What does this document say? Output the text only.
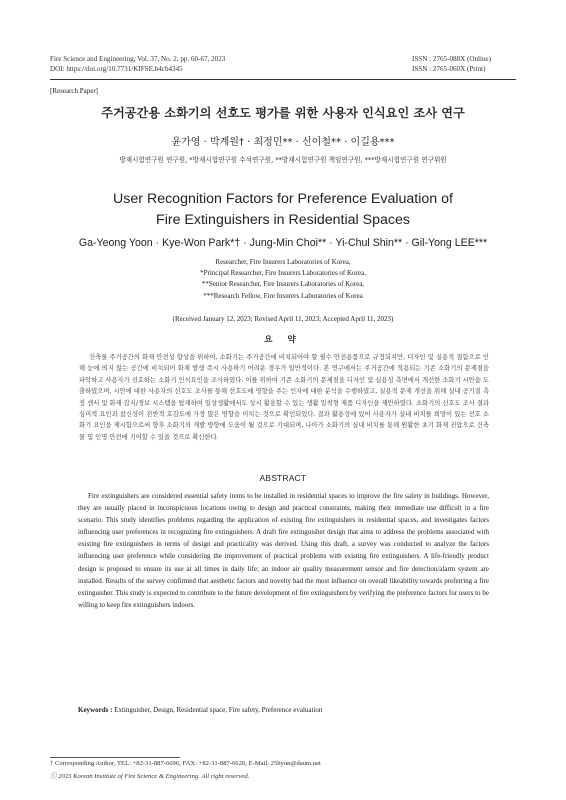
Fire Science and Engineering, Vol. 37, No. 2, pp. 60-67, 2023
DOI: https://doi.org/10.7731/KIFSE.b4cb4345
ISSN : 2765-088X (Online)
ISSN : 2765-060X (Print)
[Research Paper]
주거공간용 소화기의 선호도 평가를 위한 사용자 인식요인 조사 연구
윤가영 · 박계원† · 최정민** · 신이철** · 이길용***
방재시험연구원 연구원, *방재시험연구원 수석연구원, **방재시험연구원 책임연구원, ***방재시험연구원 연구위원
User Recognition Factors for Preference Evaluation of
Fire Extinguishers in Residential Spaces
Ga-Yeong Yoon · Kye-Won Park*† · Jung-Min Choi** · Yi-Chul Shin** · Gil-Yong LEE***
Researcher, Fire Insurers Laboratories of Korea,
*Principal Researcher, Fire Insurers Laboratories of Korea,
**Senior Researcher, Fire Insurers Laboratories of Korea,
***Research Fellow, Fire Insurers Laboratories of Korea
(Received January 12, 2023; Revised April 11, 2023; Accepted April 11, 2023)
요 약
건축물 주거공간의 화재 안전성 향상을 위하여, 소화기는 주거공간에 비치되어야 할 필수 안전용품으로 규정되지만, 디자인 및 실용적 결함으로 인해 눈에 띄지 않는 공간에 비치되어 화재 발생 즉시 사용하기 어려운 경우가 일반적이다. 본 연구에서는 주거공간에 적용되는 기존 소화기의 문제점을 파악하고 사용자가 선호하는 소화기 인식요인을 조사하였다. 이를 위하여 기존 소화기의 문제점을 디자인 및 실용성 측면에서 개선한 소화기 시안을 도출하였으며, 시안에 대한 사용자의 선호도 조사를 통해 선호도에 영향을 주는 인자에 대한 분석을 수행하였고, 실용적 문제 개선을 위해 실내 공기질 측정 센서 및 화재 감지/경보 시스템을 탑재하여 일상생활에서도 상시 활용할 수 있는 생활 밀착형 제품 디자인을 제안하였다. 소화기의 선호도 조사 결과 심미적 요인과 참신성이 전반적 호감도에 가장 많은 영향을 미치는 것으로 확인되었다. 결과 활용성에 있어 사용자가 실내 비치를 희망이 있는 선호 소화기 요인을 제시함으로써 향후 소화기의 개발 방향에 도움이 될 것으로 기대되며, 나아가 소화기의 실내 비치를 통해 원활한 초기 화재 진압으로 건축물 및 인명 안전에 기여할 수 있을 것으로 확신한다.
ABSTRACT
Fire extinguishers are considered essential safety items to be installed in residential spaces to improve the fire safety in buildings. However, they are usually placed in inconspicuous locations owing to design and practical constraints, making their immediate use difficult in a fire scenario. This study identifies problems regarding the application of existing fire extinguishers in residential spaces, and investigates factors influencing user preferences in recognizing fire extinguishers. A draft fire extinguisher design that aims to address the problems associated with existing fire extinguishers in terms of design and practicality was derived. Using this draft, a survey was conducted to analyze the factors influencing user preference while considering the improvement of practical problems with existing fire extinguishers. A life-friendly product design is proposed to ensure its use at all times in daily life; an indoor air quality measurement sensor and fire detection/alarm system are installed. Results of the survey confirmed that aesthetic factors and novelty had the most influence on overall likeability towards preferring a fire extinguisher. This study is expected to contribute to the future development of fire extinguishers by verifying the preference factors for users to be willing to keep fire extinguishers indoors.
Keywords : Extinguisher, Design, Residential space, Fire safety, Preference evaluation
† Corresponding Author, TEL: +82-31-887-6696, FAX: +82-31-887-6620, E-Mail: 25hyun@daum.net
ⓒ 2023 Korean Institute of Fire Science & Engineering. All right reserved.
